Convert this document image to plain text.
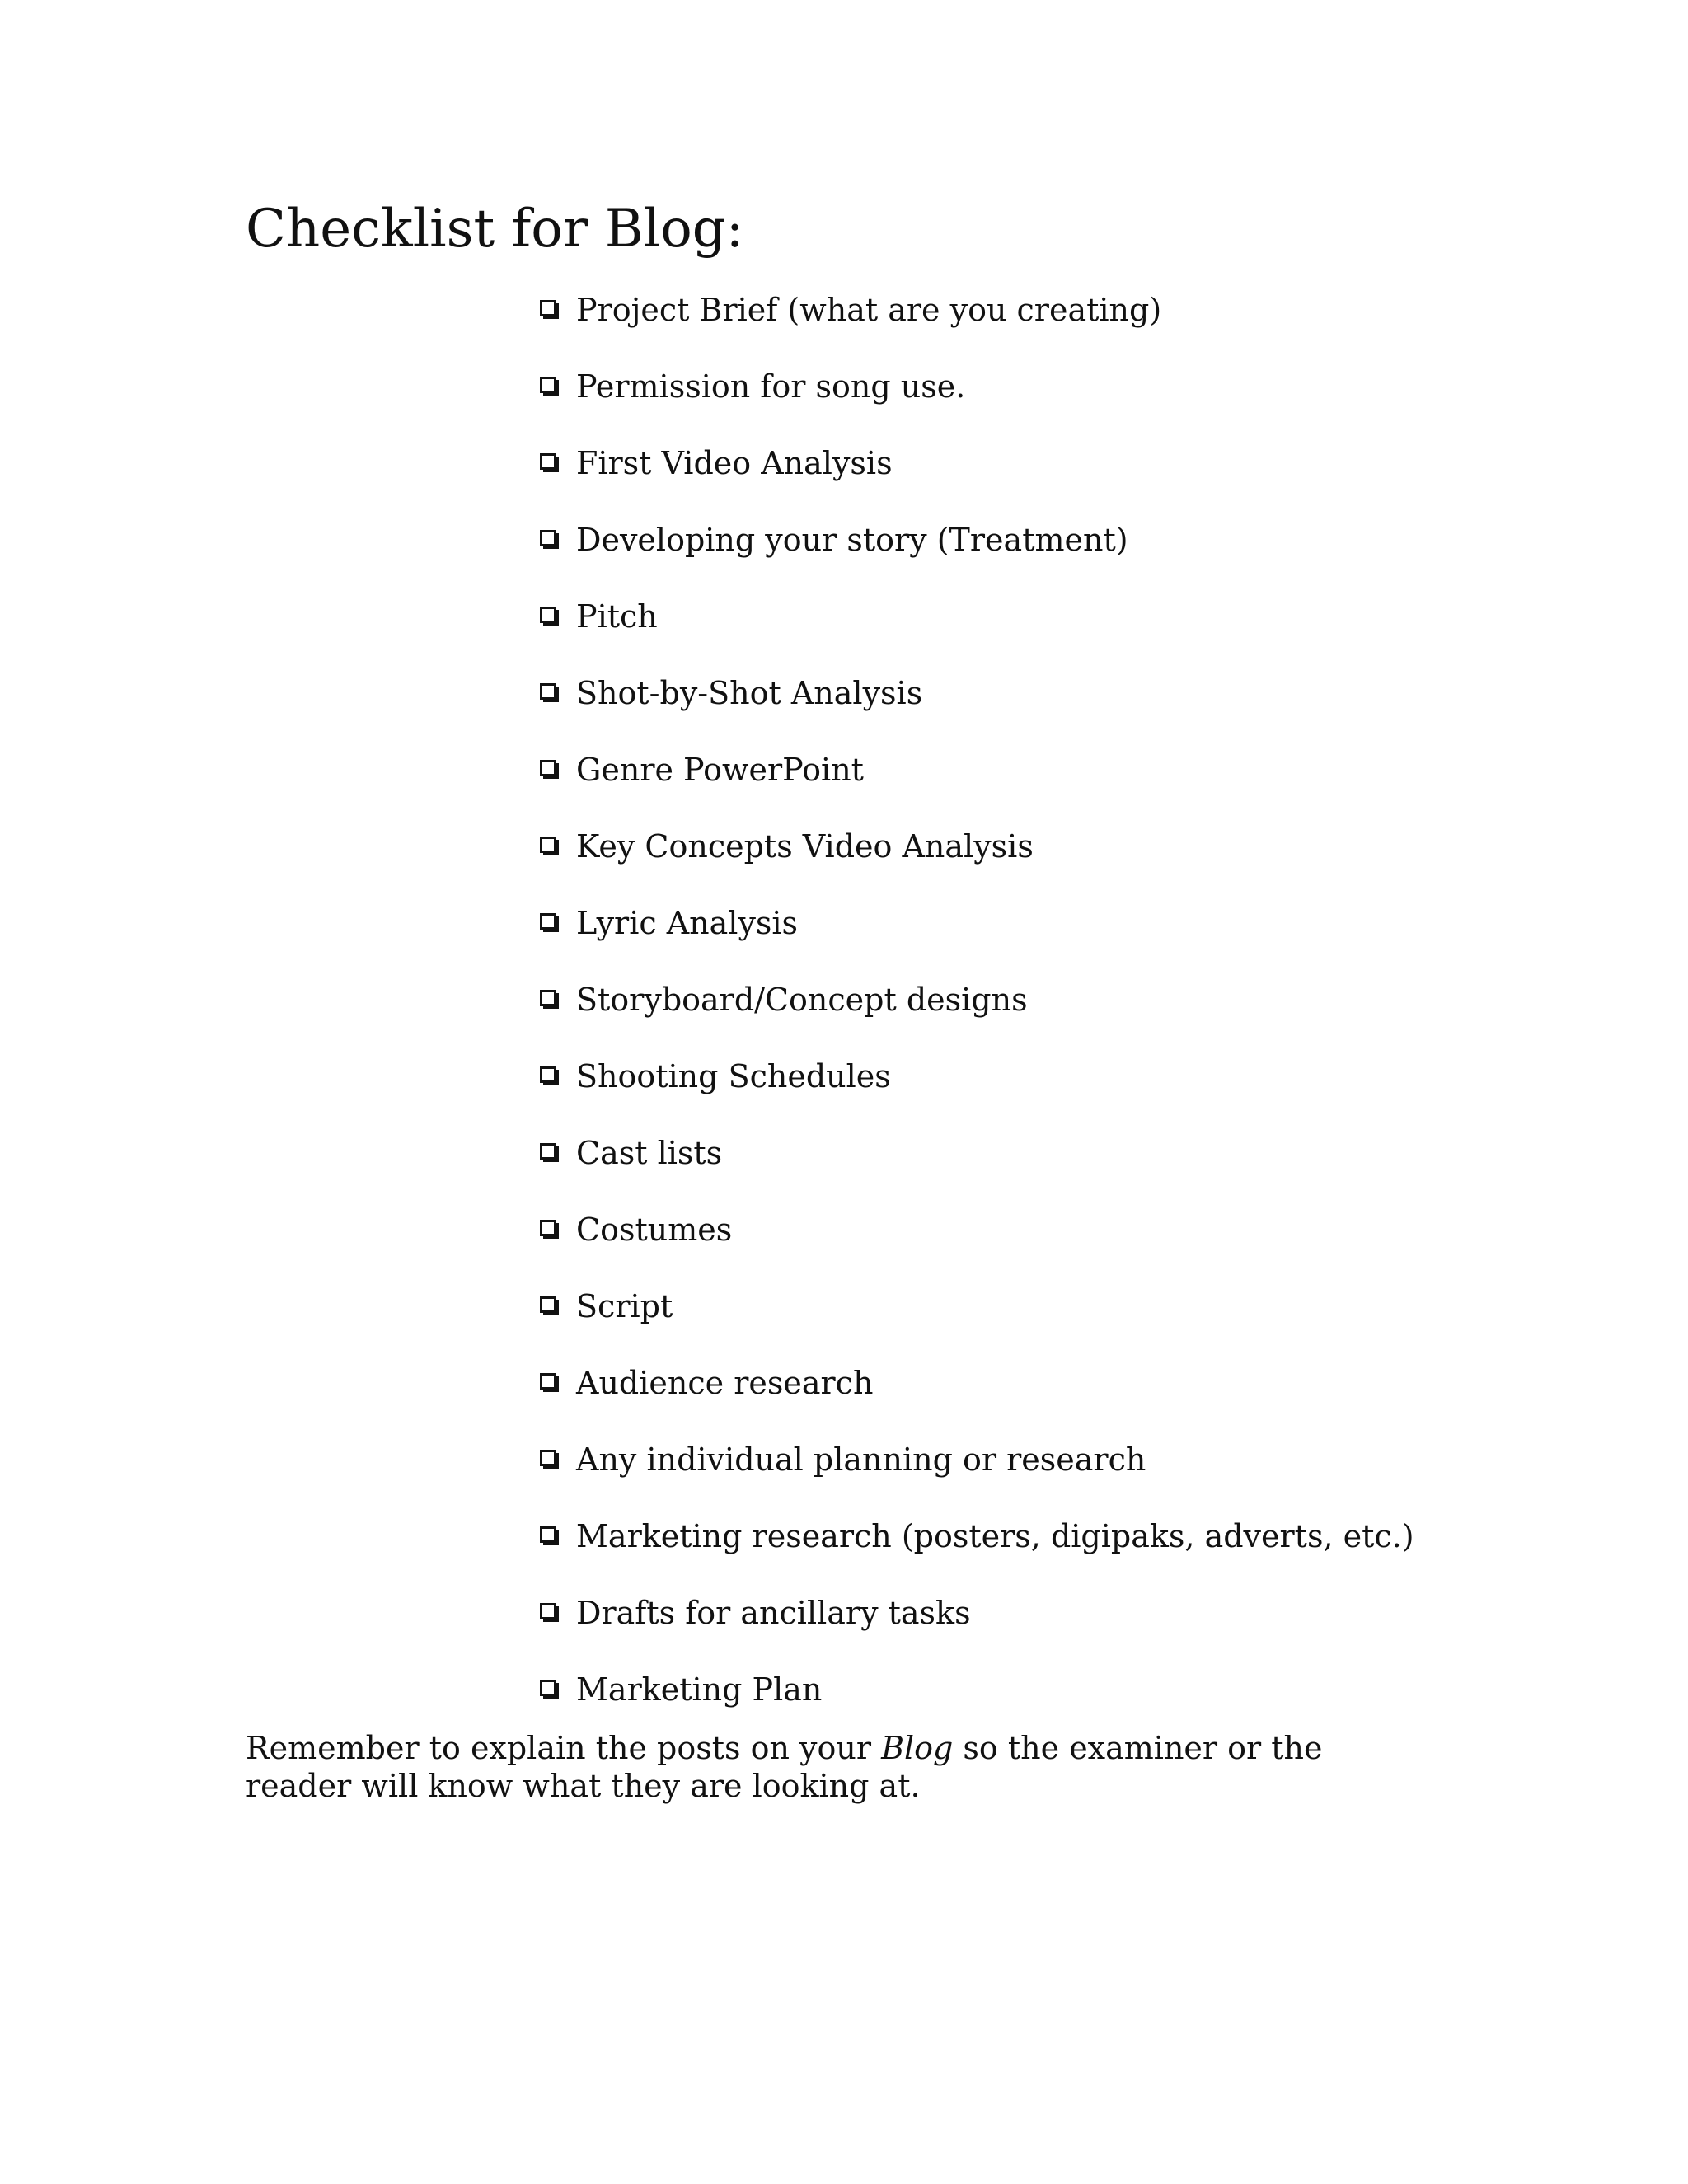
Checklist for Blog:
Project Brief (what are you creating)
Permission for song use.
First Video Analysis
Developing your story (Treatment)
Pitch
Shot-by-Shot Analysis
Genre PowerPoint
Key Concepts Video Analysis
Lyric Analysis
Storyboard/Concept designs
Shooting Schedules
Cast lists
Costumes
Script
Audience research
Any individual planning or research
Marketing research (posters, digipaks, adverts, etc.)
Drafts for ancillary tasks
Marketing Plan

Remember to explain the posts on your Blog so the examiner or the reader will know what they are looking at.
